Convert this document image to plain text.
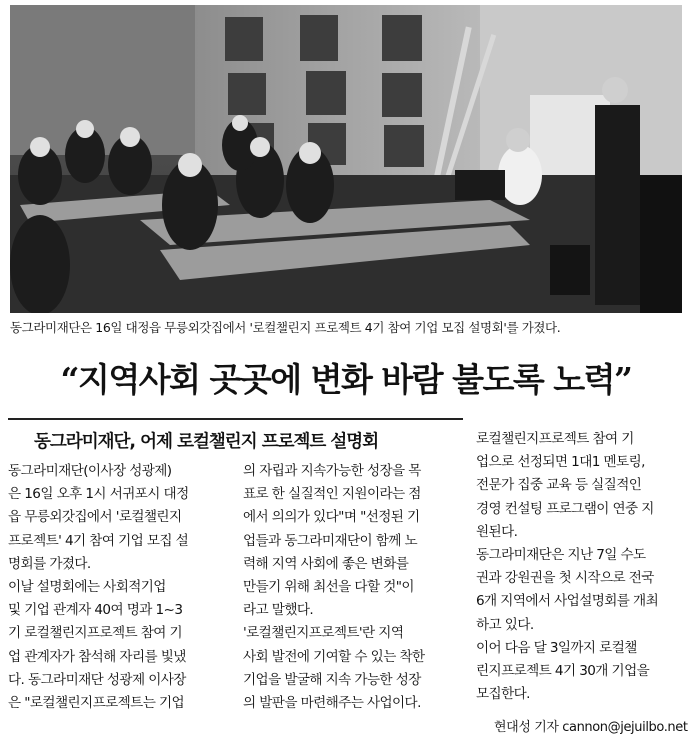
동그라미재단은 16일 대정읍 무릉외갓집에서 '로컬챌린지 프로젝트 4기 참여 기업 모집 설명회'를 가졌다.
“지역사회 곳곳에 변화 바람 불도록 노력”
동그라미재단, 어제 로컬챌린지 프로젝트 설명회
동그라미재단(이사장 성광제)
은 16일 오후 1시 서귀포시 대정
읍 무릉외갓집에서 '로컬챌린지
프로젝트' 4기 참여 기업 모집 설
명회를 가졌다.
이날 설명회에는 사회적기업
및 기업 관계자 40여 명과 1~3
기 로컬챌린지프로젝트 참여 기
업 관계자가 참석해 자리를 빛냈
다. 동그라미재단 성광제 이사장
은 "로컬챌린지프로젝트는 기업
의 자립과 지속가능한 성장을 목
표로 한 실질적인 지원이라는 점
에서 의의가 있다"며 "선정된 기
업들과 동그라미재단이 함께 노
력해 지역 사회에 좋은 변화를
만들기 위해 최선을 다할 것"이
라고 말했다.
'로컬챌린지프로젝트'란 지역
사회 발전에 기여할 수 있는 착한
기업을 발굴해 지속 가능한 성장
의 발판을 마련해주는 사업이다.
로컬챌린지프로젝트 참여 기
업으로 선정되면 1대1 멘토링,
전문가 집중 교육 등 실질적인
경영 컨설팅 프로그램이 연중 지
원된다.
동그라미재단은 지난 7일 수도
권과 강원권을 첫 시작으로 전국
6개 지역에서 사업설명회를 개최
하고 있다.
이어 다음 달 3일까지 로컬챌
린지프로젝트 4기 30개 기업을
모집한다.
현대성 기자 cannon@jejuilbo.net
